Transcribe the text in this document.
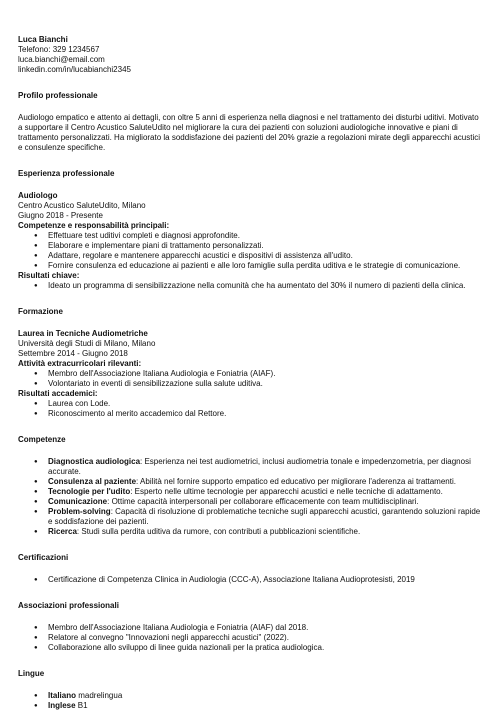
Luca Bianchi
Telefono: 329 1234567
luca.bianchi@email.com
linkedin.com/in/lucabianchi2345
Profilo professionale

Audiologo empatico e attento ai dettagli, con oltre 5 anni di esperienza nella diagnosi e nel trattamento dei disturbi uditivi. Motivato a supportare il Centro Acustico SaluteUdito nel migliorare la cura dei pazienti con soluzioni audiologiche innovative e piani di trattamento personalizzati. Ha migliorato la soddisfazione dei pazienti del 20% grazie a regolazioni mirate degli apparecchi acustici e consulenze specifiche.

Esperienza professionale
Audiologo
Centro Acustico SaluteUdito, Milano
Giugno 2018 - Presente
Competenze e responsabilità principali:
● Effettuare test uditivi completi e diagnosi approfondite.
● Elaborare e implementare piani di trattamento personalizzati.
● Adattare, regolare e mantenere apparecchi acustici e dispositivi di assistenza all'udito.
● Fornire consulenza ed educazione ai pazienti e alle loro famiglie sulla perdita uditiva e le strategie di comunicazione.
Risultati chiave:
● Ideato un programma di sensibilizzazione nella comunità che ha aumentato del 30% il numero di pazienti della clinica.
Formazione
Laurea in Tecniche Audiometriche
Università degli Studi di Milano, Milano
Settembre 2014 - Giugno 2018
Attività extracurricolari rilevanti:
● Membro dell'Associazione Italiana Audiologia e Foniatria (AIAF).
● Volontariato in eventi di sensibilizzazione sulla salute uditiva.
Risultati accademici:
● Laurea con Lode.
● Riconoscimento al merito accademico dal Rettore.
Competenze
● Diagnostica audiologica: Esperienza nei test audiometrici, inclusi audiometria tonale e impedenzometria, per diagnosi accurate.
● Consulenza al paziente: Abilità nel fornire supporto empatico ed educativo per migliorare l'aderenza ai trattamenti.
● Tecnologie per l'udito: Esperto nelle ultime tecnologie per apparecchi acustici e nelle tecniche di adattamento.
● Comunicazione: Ottime capacità interpersonali per collaborare efficacemente con team multidisciplinari.
● Problem-solving: Capacità di risoluzione di problematiche tecniche sugli apparecchi acustici, garantendo soluzioni rapide e soddisfazione dei pazienti.
● Ricerca: Studi sulla perdita uditiva da rumore, con contributi a pubblicazioni scientifiche.
Certificazioni
● Certificazione di Competenza Clinica in Audiologia (CCC-A), Associazione Italiana Audioprotesisti, 2019
Associazioni professionali
● Membro dell'Associazione Italiana Audiologia e Foniatria (AIAF) dal 2018.
● Relatore al convegno "Innovazioni negli apparecchi acustici" (2022).
● Collaborazione allo sviluppo di linee guida nazionali per la pratica audiologica.
Lingue
● Italiano madrelingua
● Inglese B1
